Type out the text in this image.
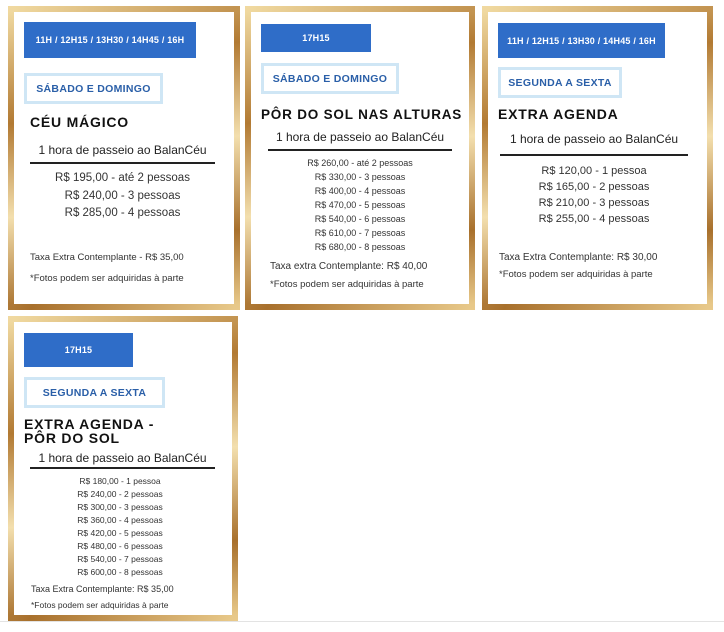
11H / 12H15 / 13H30 / 14H45 / 16H
SÁBADO E DOMINGO
CÉU MÁGICO
1 hora de passeio ao BalanCéu
R$ 195,00 - até 2 pessoas
R$ 240,00 - 3 pessoas
R$ 285,00 - 4 pessoas
Taxa Extra Contemplante - R$ 35,00
*Fotos podem ser adquiridas à parte
17H15
SÁBADO E DOMINGO
PÔR DO SOL NAS ALTURAS
1 hora de passeio ao BalanCéu
R$ 260,00 - até 2 pessoas
R$ 330,00 - 3 pessoas
R$ 400,00 - 4 pessoas
R$ 470,00 - 5 pessoas
R$ 540,00 - 6 pessoas
R$ 610,00 - 7 pessoas
R$ 680,00 - 8 pessoas
Taxa extra Contemplante: R$ 40,00
*Fotos podem ser adquiridas à parte
11H / 12H15 / 13H30 / 14H45 / 16H
SEGUNDA A SEXTA
EXTRA AGENDA
1 hora de passeio ao BalanCéu
R$ 120,00 - 1 pessoa
R$ 165,00 - 2 pessoas
R$ 210,00 - 3 pessoas
R$ 255,00 - 4 pessoas
Taxa Extra Contemplante: R$ 30,00
*Fotos podem ser adquiridas à parte
17H15
SEGUNDA A SEXTA
EXTRA AGENDA -
PÔR DO SOL
1 hora de passeio ao BalanCéu
R$ 180,00 - 1 pessoa
R$ 240,00 - 2 pessoas
R$ 300,00 - 3 pessoas
R$ 360,00 - 4 pessoas
R$ 420,00 - 5 pessoas
R$ 480,00 - 6 pessoas
R$ 540,00 - 7 pessoas
R$ 600,00 - 8 pessoas
Taxa Extra Contemplante: R$ 35,00
*Fotos podem ser adquiridas à parte
